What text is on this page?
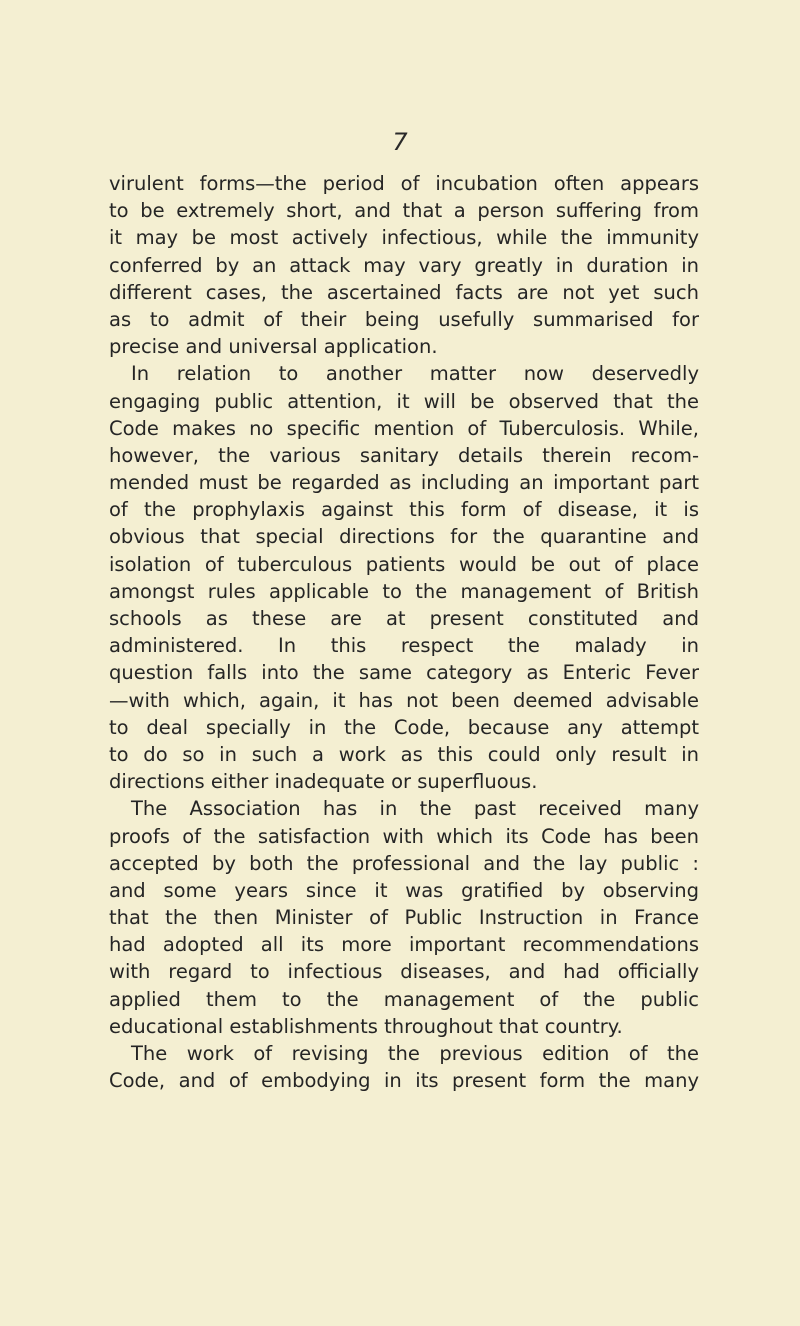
7
virulent forms—the period of incubation often appears
to be extremely short, and that a person suffering from
it may be most actively infectious, while the immunity
conferred by an attack may vary greatly in duration in
different cases, the ascertained facts are not yet such
as to admit of their being usefully summarised for
precise and universal application.
In relation to another matter now deservedly
engaging public attention, it will be observed that the
Code makes no specific mention of Tuberculosis. While,
however, the various sanitary details therein recom-
mended must be regarded as including an important part
of the prophylaxis against this form of disease, it is
obvious that special directions for the quarantine and
isolation of tuberculous patients would be out of place
amongst rules applicable to the management of British
schools as these are at present constituted and
administered. In this respect the malady in
question falls into the same category as Enteric Fever
—with which, again, it has not been deemed advisable
to deal specially in the Code, because any attempt
to do so in such a work as this could only result in
directions either inadequate or superfluous.
The Association has in the past received many
proofs of the satisfaction with which its Code has been
accepted by both the professional and the lay public :
and some years since it was gratified by observing
that the then Minister of Public Instruction in France
had adopted all its more important recommendations
with regard to infectious diseases, and had officially
applied them to the management of the public
educational establishments throughout that country.
The work of revising the previous edition of the
Code, and of embodying in its present form the many
